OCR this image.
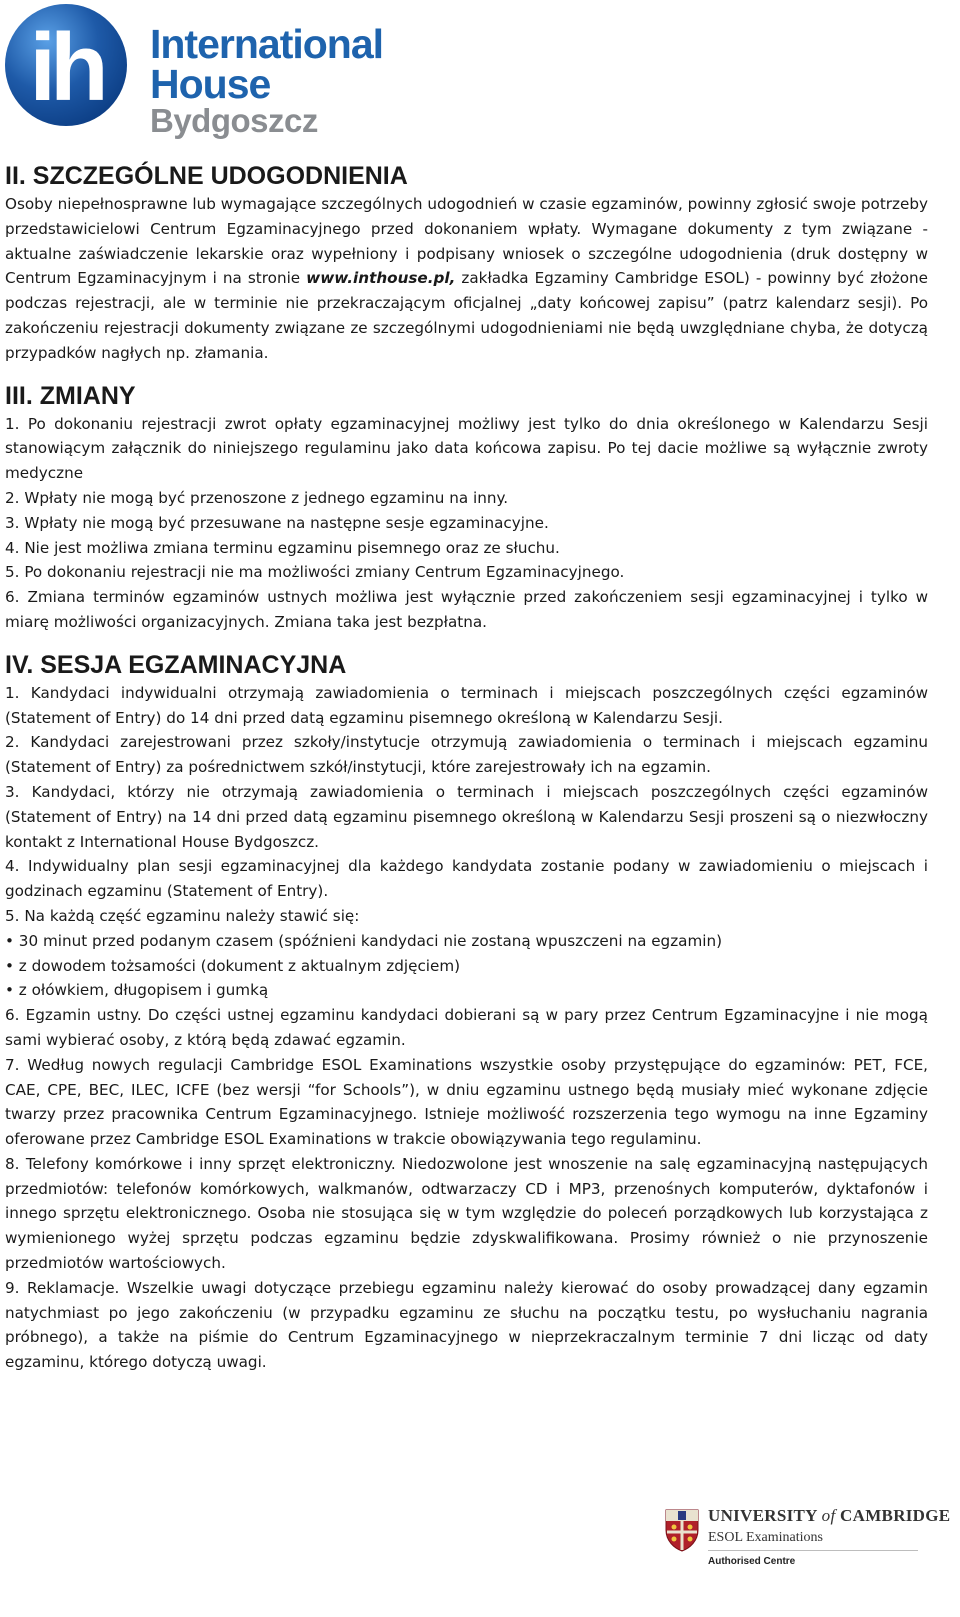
ih International
House
Bydgoszcz
II. SZCZEGÓLNE UDOGODNIENIA

Osoby niepełnosprawne lub wymagające szczególnych udogodnień w czasie egzaminów, powinny zgłosić swoje potrzeby przedstawicielowi Centrum Egzaminacyjnego przed dokonaniem wpłaty. Wymagane dokumenty z tym związane - aktualne zaświadczenie lekarskie oraz wypełniony i podpisany wniosek o szczególne udogodnienia (druk dostępny w Centrum Egzaminacyjnym i na stronie www.inthouse.pl, zakładka Egzaminy Cambridge ESOL) - powinny być złożone podczas rejestracji, ale w terminie nie przekraczającym oficjalnej „daty końcowej zapisu” (patrz kalendarz sesji). Po zakończeniu rejestracji dokumenty związane ze szczególnymi udogodnieniami nie będą uwzględniane chyba, że dotyczą przypadków nagłych np. złamania.

III. ZMIANY

1. Po dokonaniu rejestracji zwrot opłaty egzaminacyjnej możliwy jest tylko do dnia określonego w Kalendarzu Sesji stanowiącym załącznik do niniejszego regulaminu jako data końcowa zapisu. Po tej dacie możliwe są wyłącznie zwroty medyczne

2. Wpłaty nie mogą być przenoszone z jednego egzaminu na inny.

3. Wpłaty nie mogą być przesuwane na następne sesje egzaminacyjne.

4. Nie jest możliwa zmiana terminu egzaminu pisemnego oraz ze słuchu.

5. Po dokonaniu rejestracji nie ma możliwości zmiany Centrum Egzaminacyjnego.

6. Zmiana terminów egzaminów ustnych możliwa jest wyłącznie przed zakończeniem sesji egzaminacyjnej i tylko w miarę możliwości organizacyjnych. Zmiana taka jest bezpłatna.

IV. SESJA EGZAMINACYJNA

1. Kandydaci indywidualni otrzymają zawiadomienia o terminach i miejscach poszczególnych części egzaminów (Statement of Entry) do 14 dni przed datą egzaminu pisemnego określoną w Kalendarzu Sesji.

2. Kandydaci zarejestrowani przez szkoły/instytucje otrzymują zawiadomienia o terminach i miejscach egzaminu (Statement of Entry) za pośrednictwem szkół/instytucji, które zarejestrowały ich na egzamin.

3. Kandydaci, którzy nie otrzymają zawiadomienia o terminach i miejscach poszczególnych części egzaminów (Statement of Entry) na 14 dni przed datą egzaminu pisemnego określoną w Kalendarzu Sesji proszeni są o niezwłoczny kontakt z International House Bydgoszcz.

4. Indywidualny plan sesji egzaminacyjnej dla każdego kandydata zostanie podany w zawiadomieniu o miejscach i godzinach egzaminu (Statement of Entry).

5. Na każdą część egzaminu należy stawić się:

• 30 minut przed podanym czasem (spóźnieni kandydaci nie zostaną wpuszczeni na egzamin)

• z dowodem tożsamości (dokument z aktualnym zdjęciem)

• z ołówkiem, długopisem i gumką

6. Egzamin ustny. Do części ustnej egzaminu kandydaci dobierani są w pary przez Centrum Egzaminacyjne i nie mogą sami wybierać osoby, z którą będą zdawać egzamin.

7. Według nowych regulacji Cambridge ESOL Examinations wszystkie osoby przystępujące do egzaminów: PET, FCE, CAE, CPE, BEC, ILEC, ICFE (bez wersji “for Schools”), w dniu egzaminu ustnego będą musiały mieć wykonane zdjęcie twarzy przez pracownika Centrum Egzaminacyjnego. Istnieje możliwość rozszerzenia tego wymogu na inne Egzaminy oferowane przez Cambridge ESOL Examinations w trakcie obowiązywania tego regulaminu.

8. Telefony komórkowe i inny sprzęt elektroniczny. Niedozwolone jest wnoszenie na salę egzaminacyjną następujących przedmiotów: telefonów komórkowych, walkmanów, odtwarzaczy CD i MP3, przenośnych komputerów, dyktafonów i innego sprzętu elektronicznego. Osoba nie stosująca się w tym względzie do poleceń porządkowych lub korzystająca z wymienionego wyżej sprzętu podczas egzaminu będzie zdyskwalifikowana. Prosimy również o nie przynoszenie przedmiotów wartościowych.

9. Reklamacje. Wszelkie uwagi dotyczące przebiegu egzaminu należy kierować do osoby prowadzącej dany egzamin natychmiast po jego zakończeniu (w przypadku egzaminu ze słuchu na początku testu, po wysłuchaniu nagrania próbnego), a także na piśmie do Centrum Egzaminacyjnego w nieprzekraczalnym terminie 7 dni licząc od daty egzaminu, którego dotyczą uwagi.

UNIVERSITY of CAMBRIDGE
ESOL Examinations
Authorised Centre
